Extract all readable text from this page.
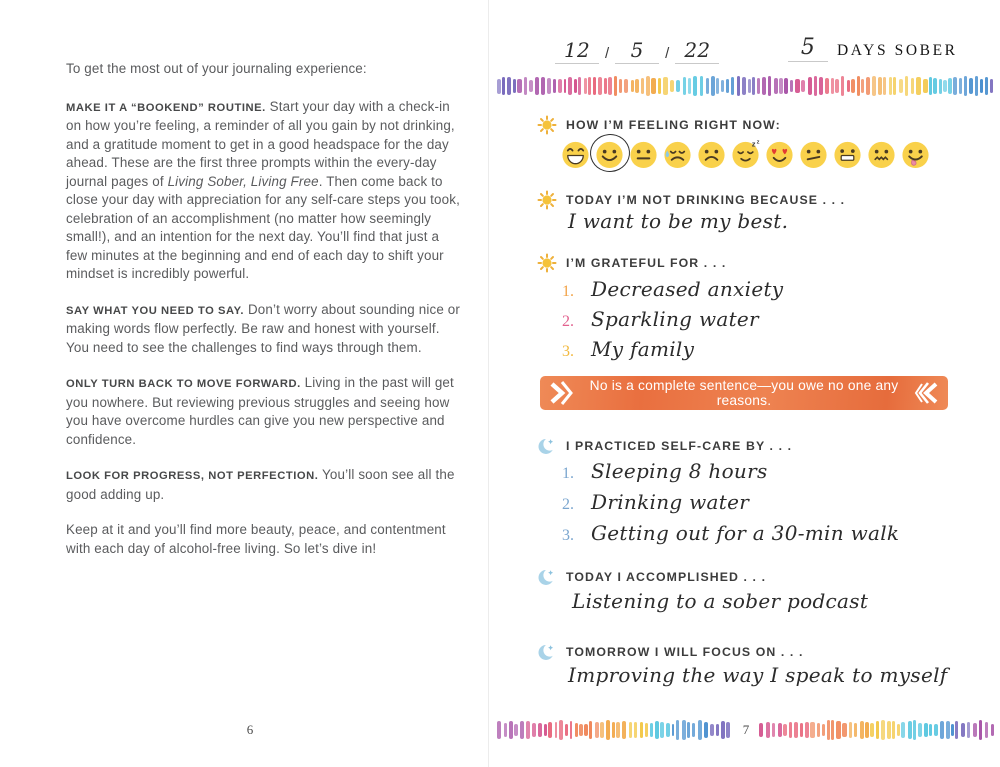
To get the most out of your journaling experience:

MAKE IT A “BOOKEND” ROUTINE. Start your day with a check-in on how you’re feeling, a reminder of all you gain by not drinking, and a gratitude moment to get in a good headspace for the day ahead. These are the first three prompts within the every-day journal pages of Living Sober, Living Free. Then come back to close your day with appreciation for any self-care steps you took, celebration of an accomplishment (no matter how seemingly small!), and an intention for the next day. You’ll find that just a few minutes at the beginning and end of each day to shift your mindset is incredibly powerful.

SAY WHAT YOU NEED TO SAY. Don’t worry about sounding nice or making words flow perfectly. Be raw and honest with yourself. You need to see the challenges to find ways through them.

ONLY TURN BACK TO MOVE FORWARD. Living in the past will get you nowhere. But reviewing previous struggles and seeing how you have overcome hurdles can give you new perspective and confidence.

LOOK FOR PROGRESS, NOT PERFECTION. You’ll soon see all the good adding up.

Keep at it and you’ll find more beauty, peace, and contentment with each day of alcohol-free living. So let’s dive in!

6
12 /	5	/ 22	5	DAYS SOBER
HOW I’M FEELING RIGHT NOW:
z z
TODAY I’M NOT DRINKING BECAUSE . . .
I want to be my best.
I’M GRATEFUL FOR . . .
1. Decreased anxiety
2. Sparkling water
3. My family
No is a complete sentence—you owe no one any reasons.
I PRACTICED SELF-CARE BY . . .
1. Sleeping 8 hours
2. Drinking water
3. Getting out for a 30-min walk
TODAY I ACCOMPLISHED . . .
Listening to a sober podcast
TOMORROW I WILL FOCUS ON . . .
Improving the way I speak to myself
7
